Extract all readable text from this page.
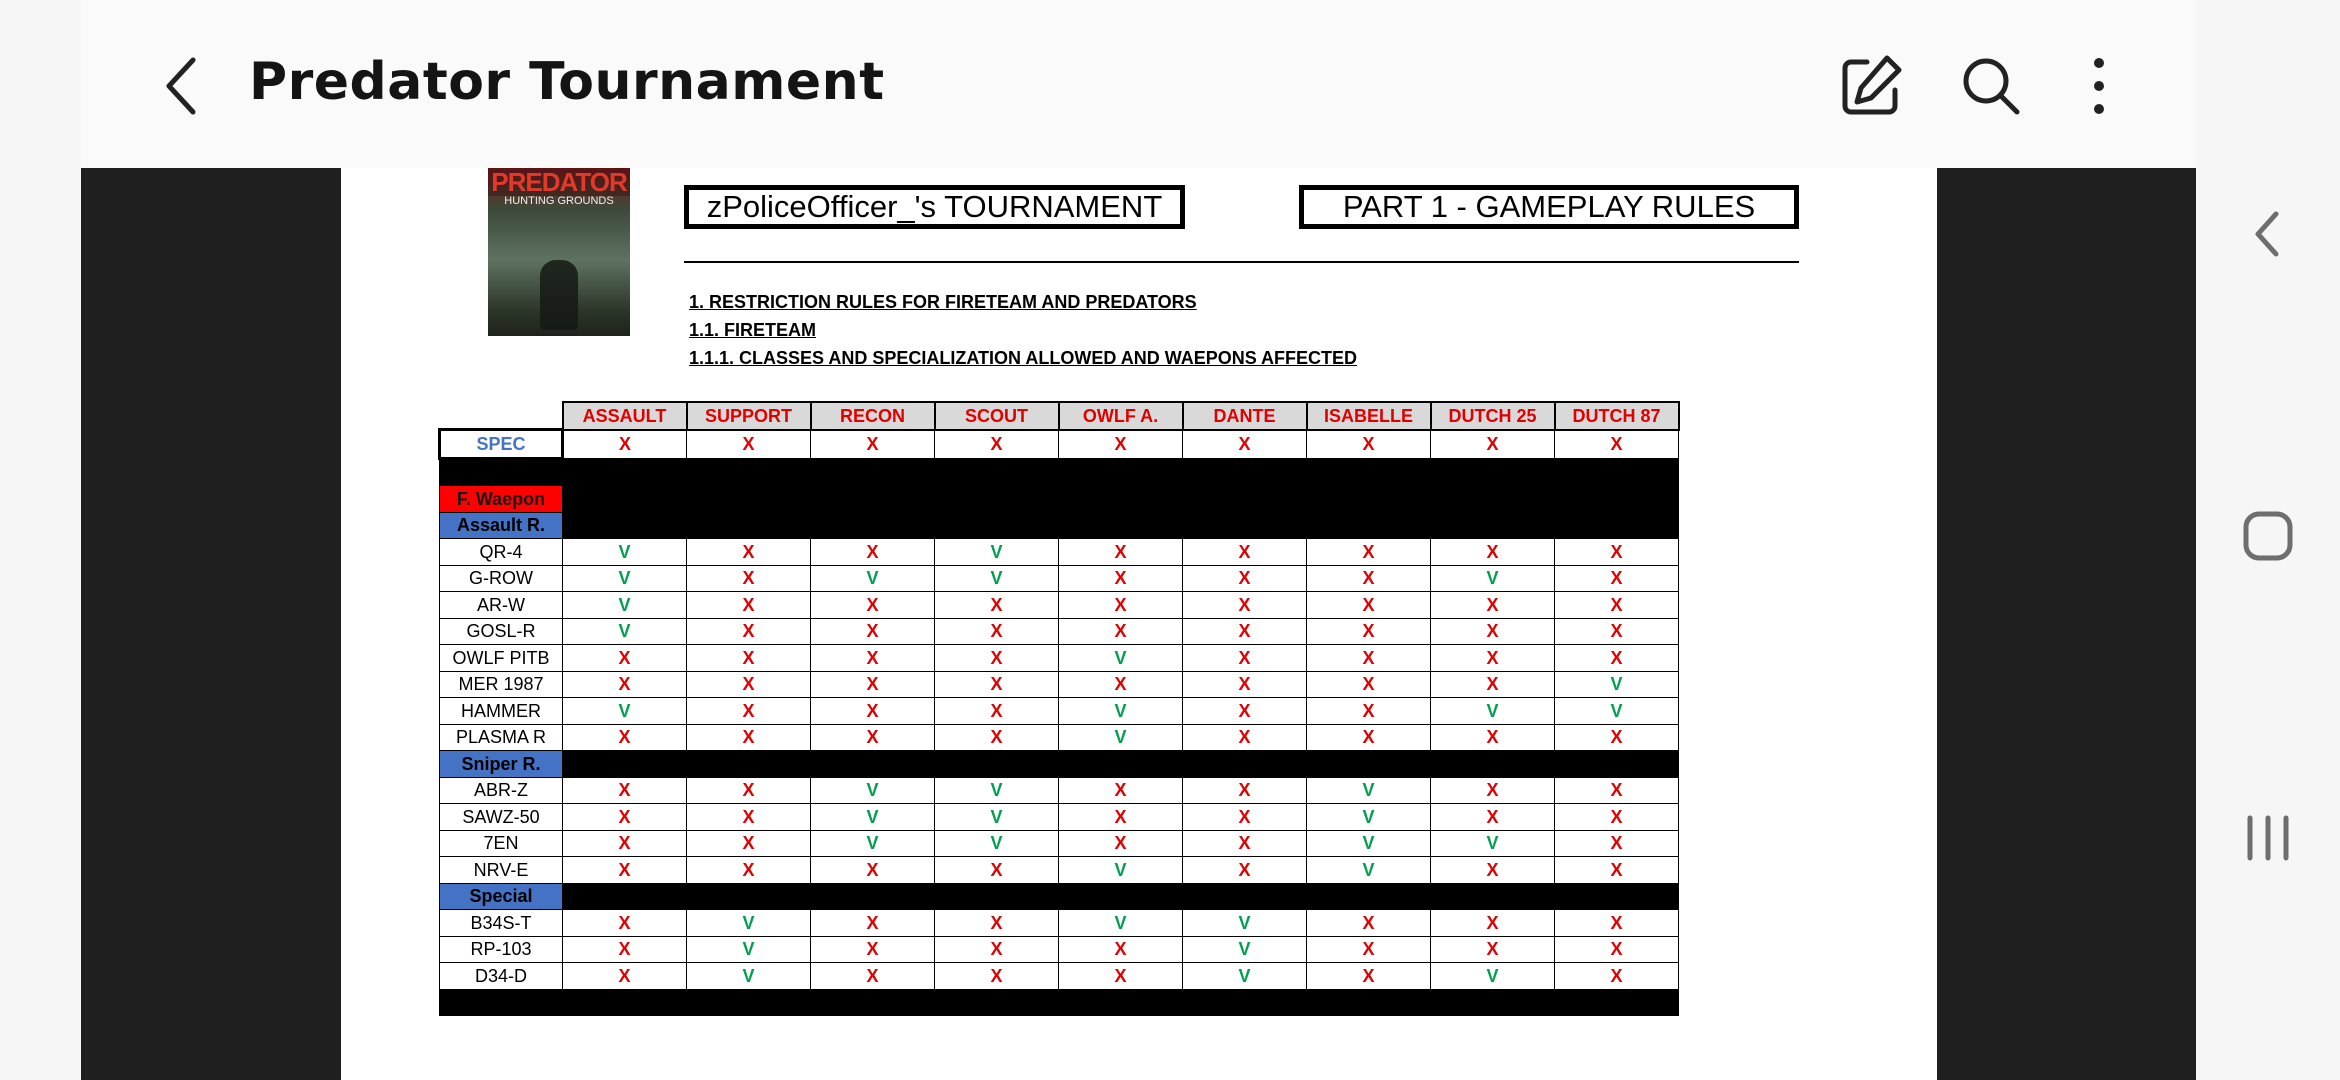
Predator Tournament
PREDATOR
HUNTING GROUNDS	zPoliceOfficer_'s TOURNAMENT	PART 1 - GAMEPLAY RULES
1. RESTRICTION RULES FOR FIRETEAM AND PREDATORS
1.1. FIRETEAM
1.1.1. CLASSES AND SPECIALIZATION ALLOWED AND WAEPONS AFFECTED
	ASSAULT	SUPPORT	RECON	SCOUT	OWLF A.	DANTE	ISABELLE	DUTCH 25	DUTCH 87
SPEC	X	X	X	X	X	X	X	X	X

F. Waepon									
Assault R.									
QR-4	V	X	X	V	X	X	X	X	X
G-ROW	V	X	V	V	X	X	X	V	X
AR-W	V	X	X	X	X	X	X	X	X
GOSL-R	V	X	X	X	X	X	X	X	X
OWLF PITB	X	X	X	X	V	X	X	X	X
MER 1987	X	X	X	X	X	X	X	X	V
HAMMER	V	X	X	X	V	X	X	V	V
PLASMA R	X	X	X	X	V	X	X	X	X
Sniper R.									
ABR-Z	X	X	V	V	X	X	V	X	X
SAWZ-50	X	X	V	V	X	X	V	X	X
7EN	X	X	V	V	X	X	V	V	X
NRV-E	X	X	X	X	V	X	V	X	X
Special									
B34S-T	X	V	X	X	V	V	X	X	X
RP-103	X	V	X	X	X	V	X	X	X
D34-D	X	V	X	X	X	V	X	V	X
